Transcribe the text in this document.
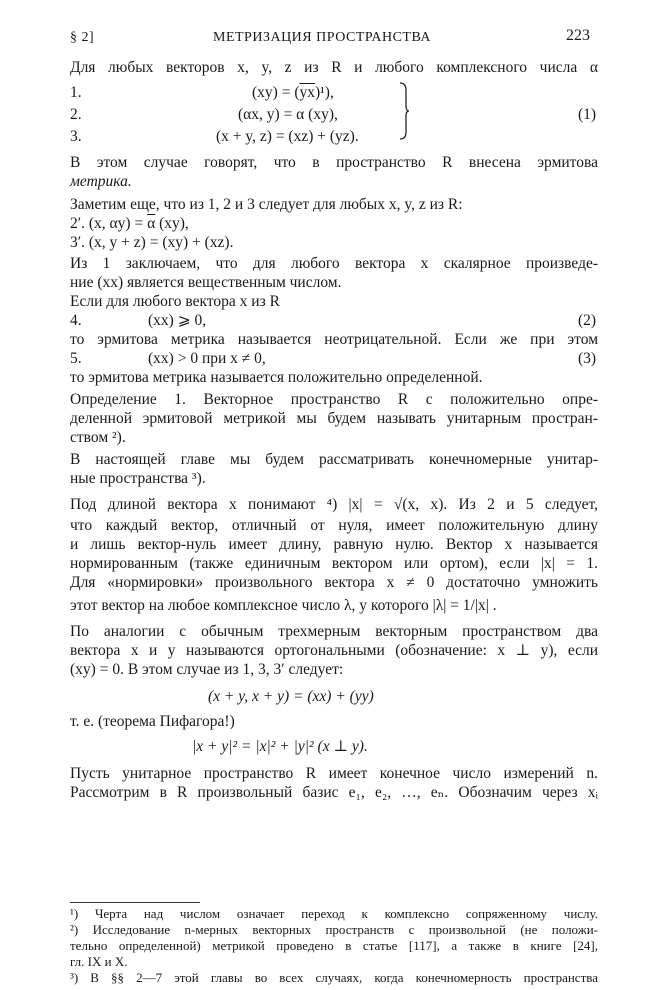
§ 2]	МЕТРИЗАЦИЯ ПРОСТРАНСТВА	223
Для любых векторов x, y, z из R и любого комплексного числа α
1.	$(xy) = (\overline{yx})^1$),
2.	(αx, y) = α (xy),
3.	(x + y, z) = (xz) + (yz).
(1)
В этом случае говорят, что в пространство R внесена эрмитова
метрика.
Заметим еще, что из 1, 2 и 3 следует для любых x, y, z из R:
2′. (x, $\alpha y) = \overline{\alpha}$ (xy),
3′. (x, y + z) = (xy) + (xz).
Из 1 заключаем, что для любого вектора x скалярное произведе-
ние (xx) является вещественным числом.
Если для любого вектора x из R
4.	(xx) ⩾ 0,	(2)
то эрмитова метрика называется неотрицательной. Если же при этом
5.	(xx) > 0 при x ≠ 0,	(3)
то эрмитова метрика называется положительно определенной.
Определение 1. Векторное пространство R с положительно опре-
деленной эрмитовой метрикой мы будем называть унитарным простран-
ством ²).
В настоящей главе мы будем рассматривать конечномерные унитар-
ные пространства ³).
Под длиной вектора x понимают ⁴) |x| = √(x, x). Из 2 и 5 следует,
что каждый вектор, отличный от нуля, имеет положительную длину
и лишь вектор-нуль имеет длину, равную нулю. Вектор x называется
нормированным (также единичным вектором или ортом), если |x| = 1.
Для «нормировки» произвольного вектора x ≠ 0 достаточно умножить
этот вектор на любое комплексное число λ, у которого |λ| = 1/|x| .
По аналогии с обычным трехмерным векторным пространством два
вектора x и y называются ортогональными (обозначение: x ⊥ y), если
(xy) = 0. В этом случае из 1, 3, 3′ следует:
(x + y, x + y) = (xx) + (yy)
т. е. (теорема Пифагора!)
|x + y|² = |x|² + |y|² (x ⊥ y).
Пусть унитарное пространство R имеет конечное число измерений n.
Рассмотрим в R произвольный базис e₁, e₂, …, eₙ. Обозначим через xᵢ
¹) Черта над числом означает переход к комплексно сопряженному числу.
²) Исследование n-мерных векторных пространств с произвольной (не положи-
тельно определенной) метрикой проведено в статье [117], а также в книге [24],
гл. IX и X.
³) В §§ 2—7 этой главы во всех случаях, когда конечномерность пространства
